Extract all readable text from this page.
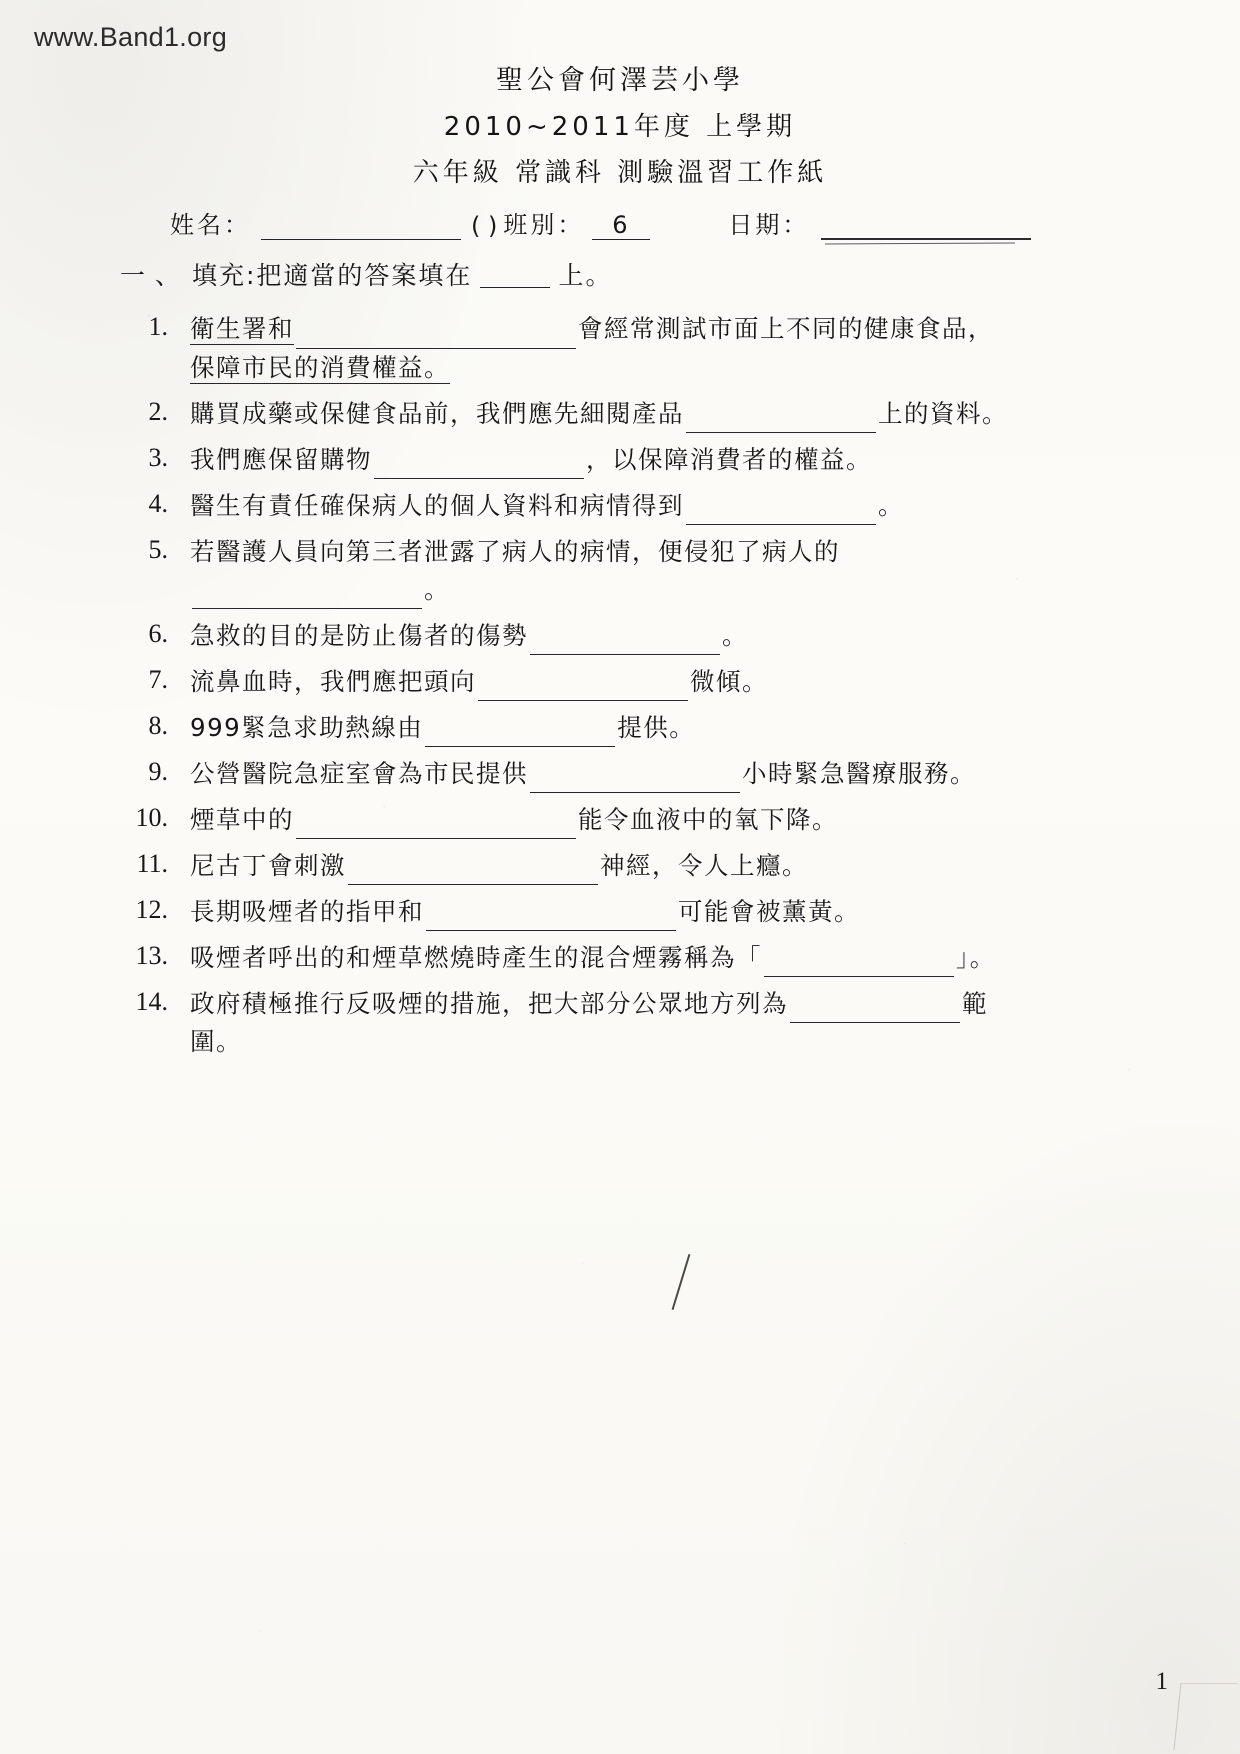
www.Band1.org
聖公會何澤芸小學
2010~2011年度 上學期
六年級 常識科 測驗溫習工作紙
姓名：	( ) 班別：	6	日期：
一、 填充:把適當的答案填在	上。
1. 衛生署和	會經常測試市面上不同的健康食品，
保障市民的消費權益。
2. 購買成藥或保健食品前，我們應先細閱產品	上的資料。
3. 我們應保留購物	，以保障消費者的權益。
4. 醫生有責任確保病人的個人資料和病情得到	。
5. 若醫護人員向第三者泄露了病人的病情，便侵犯了病人的
。
6. 急救的目的是防止傷者的傷勢	。
7. 流鼻血時，我們應把頭向	微傾。
8. 999緊急求助熱線由	提供。
9. 公營醫院急症室會為市民提供	小時緊急醫療服務。
10. 煙草中的	能令血液中的氧下降。
11. 尼古丁會刺激	神經，令人上癮。
12. 長期吸煙者的指甲和	可能會被薰黃。
13. 吸煙者呼出的和煙草燃燒時產生的混合煙霧稱為「	」。
14. 政府積極推行反吸煙的措施，把大部分公眾地方列為	範
圍。
1
